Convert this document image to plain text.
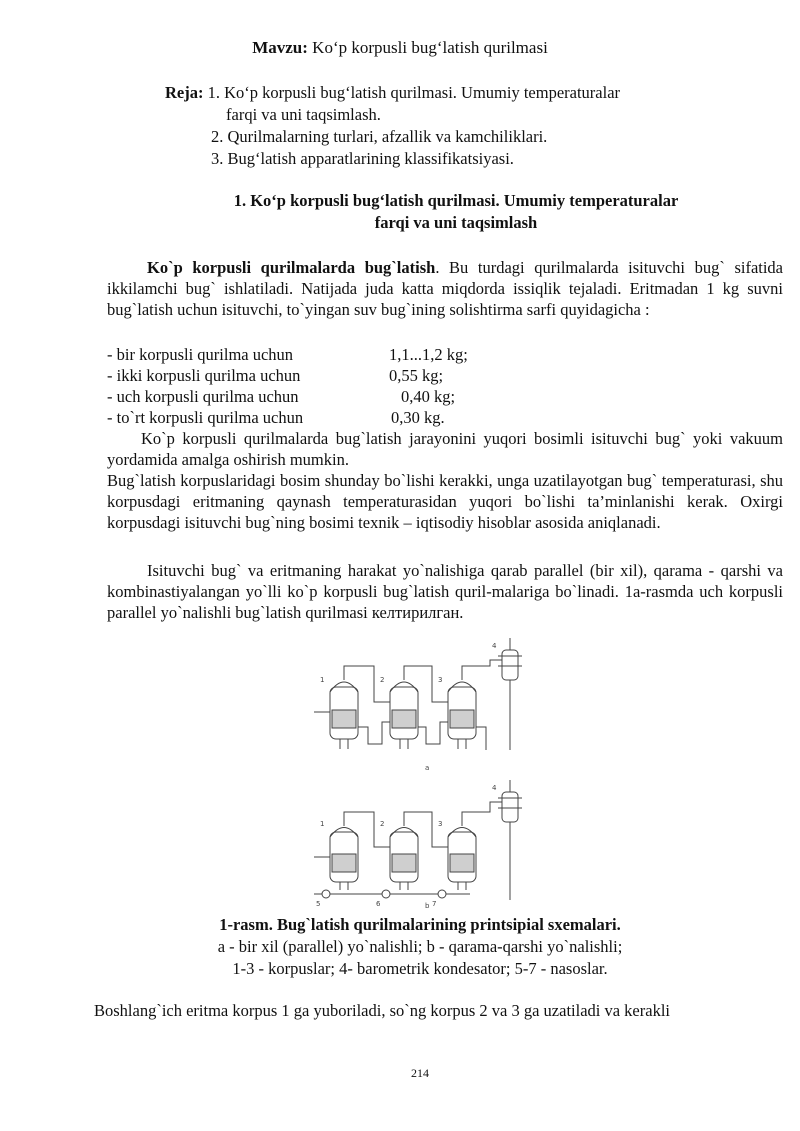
Mavzu: Koʻp korpusli bugʻlatish qurilmasi
Reja: 1. Koʻp korpusli bugʻlatish qurilmasi. Umumiy temperaturalar
farqi va uni taqsimlash.
2. Qurilmalarning turlari, afzallik va kamchiliklari.
3. Bugʻlatish apparatlarining klassifikatsiyasi.
1. Koʻp korpusli bugʻlatish qurilmasi. Umumiy temperaturalar
farqi va uni taqsimlash
Ko`p korpusli qurilmalarda bug`latish. Bu turdagi qurilmalarda isituvchi bug` sifatida ikkilamchi bug` ishlatiladi. Natijada juda katta miqdorda issiqlik tejaladi. Eritmadan 1 kg suvni bug`latish uchun isituvchi, to`yingan suv bug`ining solishtirma sarfi quyidagicha :
- bir korpusli qurilma uchun	1,1...1,2 kg;
- ikki korpusli qurilma uchun	0,55 kg;
- uch korpusli qurilma uchun	0,40 kg;
- to`rt korpusli qurilma uchun	0,30 kg.
Ko`p korpusli qurilmalarda bug`latish jarayonini yuqori bosimli isituvchi bug` yoki vakuum yordamida amalga oshirish mumkin.
Bug`latish korpuslaridagi bosim shunday bo`lishi kerakki, unga uzatilayotgan bug` temperaturasi, shu korpusdagi eritmaning qaynash temperaturasidan yuqori bo`lishi ta’minlanishi kerak. Oxirgi korpusdagi isituvchi bug`ning bosimi texnik – iqtisodiy hisoblar asosida aniqlanadi.
Isituvchi bug` va eritmaning harakat yo`nalishiga qarab parallel (bir xil), qarama - qarshi va kombinastiyalangan yo`lli ko`p korpusli bug`latish quril-malariga bo`linadi. 1a-rasmda uch korpusli parallel yo`nalishli bug`latish qurilmasi келтирилган.
1	2	3
4
a
1	2	3
4
5	6	7
b
1-rasm. Bug`latish qurilmalarining printsipial sxemalari.
a - bir xil (parallel) yo`nalishli; b - qarama-qarshi yo`nalishli;
1-3 - korpuslar; 4- barometrik kondesator; 5-7 - nasoslar.
Boshlang`ich eritma korpus 1 ga yuboriladi, so`ng korpus 2 va 3 ga uzatiladi va kerakli
214
